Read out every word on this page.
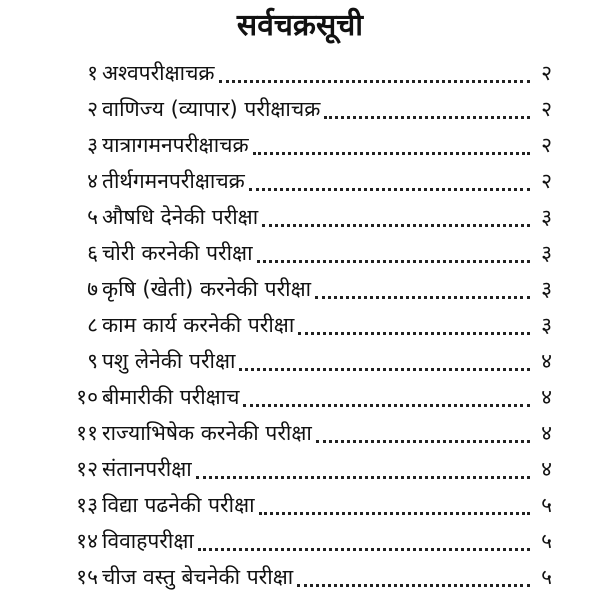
सर्वचक्रसूची
१ अश्वपरीक्षाचक्र	२
२ वाणिज्य (व्यापार) परीक्षाचक्र	२
३ यात्रागमनपरीक्षाचक्र	२
४ तीर्थगमनपरीक्षाचक्र	२
५ औषधि देनेकी परीक्षा	३
६ चोरी करनेकी परीक्षा	३
७ कृषि (खेती) करनेकी परीक्षा	३
८ काम कार्य करनेकी परीक्षा	३
९ पशु लेनेकी परीक्षा	४
१० बीमारीकी परीक्षाच	४
११ राज्याभिषेक करनेकी परीक्षा	४
१२ संतानपरीक्षा	४
१३ विद्या पढनेकी परीक्षा	५
१४ विवाहपरीक्षा	५
१५ चीज वस्तु बेचनेकी परीक्षा	५
